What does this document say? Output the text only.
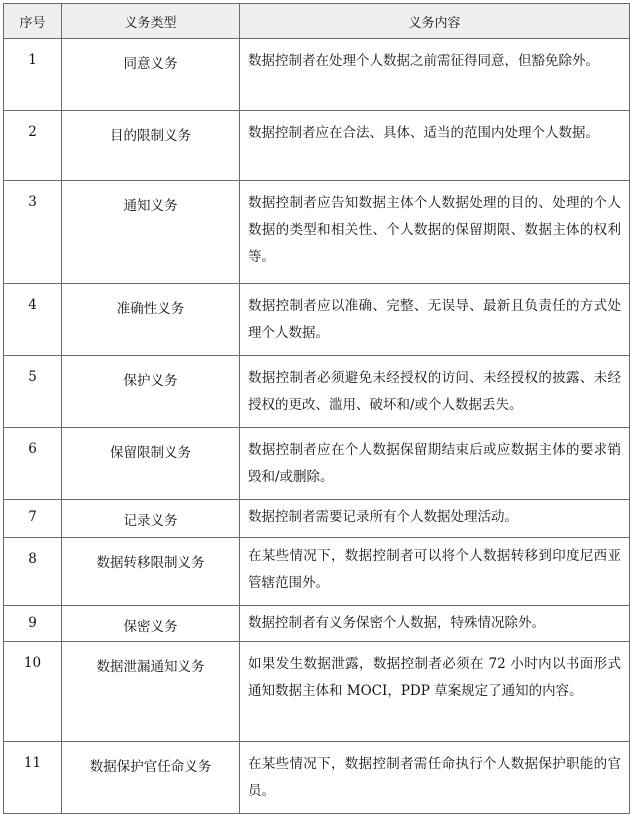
序号	义务类型	义务内容
1	同意义务	数据控制者在处理个人数据之前需征得同意，但豁免除外。
2	目的限制义务	数据控制者应在合法、具体、适当的范围内处理个人数据。
3	通知义务	数据控制者应告知数据主体个人数据处理的目的、处理的个人数据的类型和相关性、个人数据的保留期限、数据主体的权利等。
4	准确性义务	数据控制者应以准确、完整、无误导、最新且负责任的方式处理个人数据。
5	保护义务	数据控制者必须避免未经授权的访问、未经授权的披露、未经授权的更改、滥用、破坏和/或个人数据丢失。
6	保留限制义务	数据控制者应在个人数据保留期结束后或应数据主体的要求销毁和/或删除。
7	记录义务	数据控制者需要记录所有个人数据处理活动。
8	数据转移限制义务	在某些情况下，数据控制者可以将个人数据转移到印度尼西亚管辖范围外。
9	保密义务	数据控制者有义务保密个人数据，特殊情况除外。
10	数据泄漏通知义务	如果发生数据泄露，数据控制者必须在 72 小时内以书面形式通知数据主体和 MOCI，PDP 草案规定了通知的内容。
11	数据保护官任命义务	在某些情况下，数据控制者需任命执行个人数据保护职能的官员。
